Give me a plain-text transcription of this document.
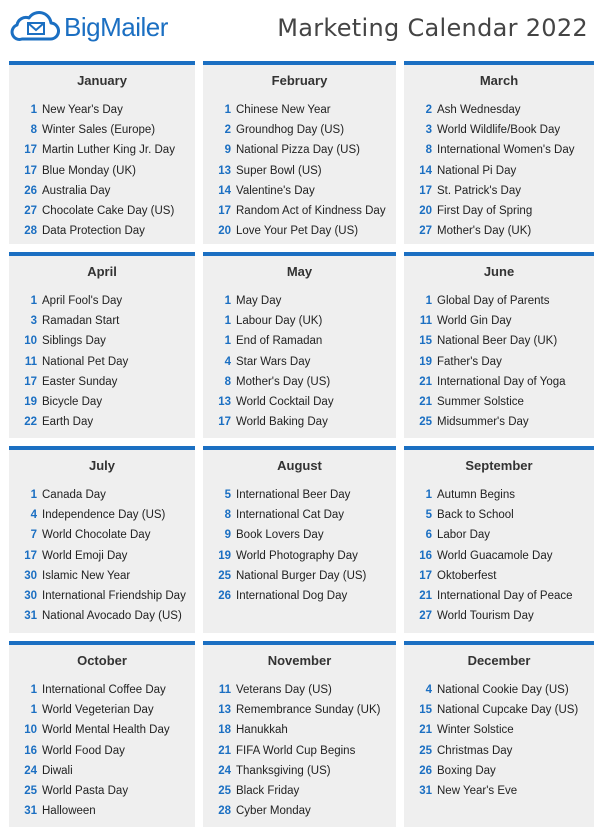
BigMailer	Marketing Calendar 2022
January
1 New Year's Day
8 Winter Sales (Europe)
17 Martin Luther King Jr. Day
17 Blue Monday (UK)
26 Australia Day
27 Chocolate Cake Day (US)
28 Data Protection Day
February
1 Chinese New Year
2 Groundhog Day (US)
9 National Pizza Day (US)
13 Super Bowl (US)
14 Valentine's Day
17 Random Act of Kindness Day
20 Love Your Pet Day (US)
March
2 Ash Wednesday
3 World Wildlife/Book Day
8 International Women's Day
14 National Pi Day
17 St. Patrick's Day
20 First Day of Spring
27 Mother's Day (UK)
April
1 April Fool's Day
3 Ramadan Start
10 Siblings Day
11 National Pet Day
17 Easter Sunday
19 Bicycle Day
22 Earth Day
May
1 May Day
1 Labour Day (UK)
1 End of Ramadan
4 Star Wars Day
8 Mother's Day (US)
13 World Cocktail Day
17 World Baking Day
June
1 Global Day of Parents
11 World Gin Day
15 National Beer Day (UK)
19 Father's Day
21 International Day of Yoga
21 Summer Solstice
25 Midsummer's Day
July
1 Canada Day
4 Independence Day (US)
7 World Chocolate Day
17 World Emoji Day
30 Islamic New Year
30 International Friendship Day
31 National Avocado Day (US)
August
5 International Beer Day
8 International Cat Day
9 Book Lovers Day
19 World Photography Day
25 National Burger Day (US)
26 International Dog Day
September
1 Autumn Begins
5 Back to School
6 Labor Day
16 World Guacamole Day
17 Oktoberfest
21 International Day of Peace
27 World Tourism Day
October
1 International Coffee Day
1 World Vegeterian Day
10 World Mental Health Day
16 World Food Day
24 Diwali
25 World Pasta Day
31 Halloween
November
11 Veterans Day (US)
13 Remembrance Sunday (UK)
18 Hanukkah
21 FIFA World Cup Begins
24 Thanksgiving (US)
25 Black Friday
28 Cyber Monday
December
4 National Cookie Day (US)
15 National Cupcake Day (US)
21 Winter Solstice
25 Christmas Day
26 Boxing Day
31 New Year's Eve
